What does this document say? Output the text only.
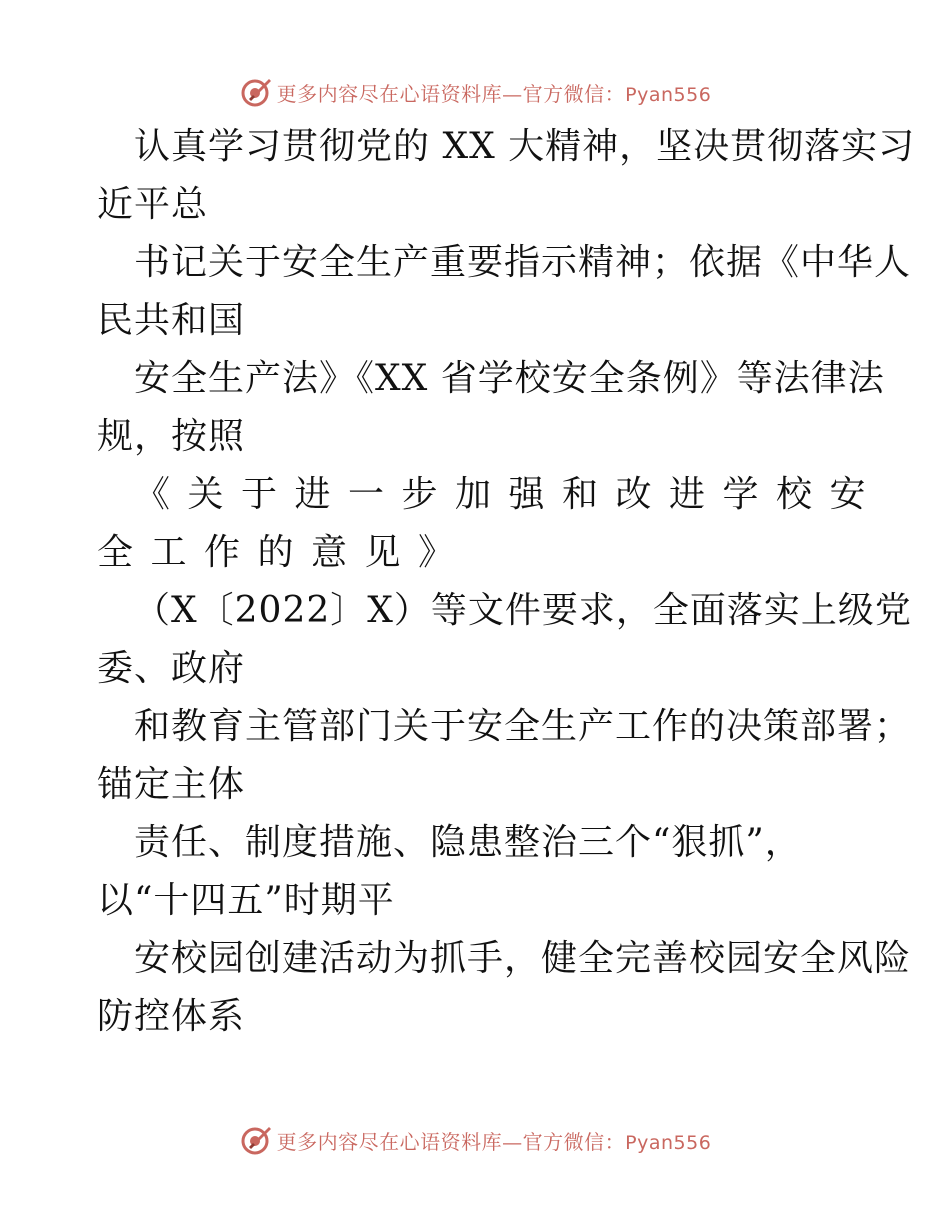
更多内容尽在心语资料库—官方微信：Pyan556
认真学习贯彻党的 XX 大精神，坚决贯彻落实习
近平总
书记关于安全生产重要指示精神；依据《中华人
民共和国
安全生产法》《XX 省学校安全条例》等法律法
规，按照
《关于进一步加强和改进学校安
全工作的意见》
（X〔2022〕X）等文件要求，全面落实上级党
委、政府
和教育主管部门关于安全生产工作的决策部署；
锚定主体
责任、制度措施、隐患整治三个“狠抓”，
以“十四五”时期平
安校园创建活动为抓手，健全完善校园安全风险
防控体系
更多内容尽在心语资料库—官方微信：Pyan556
